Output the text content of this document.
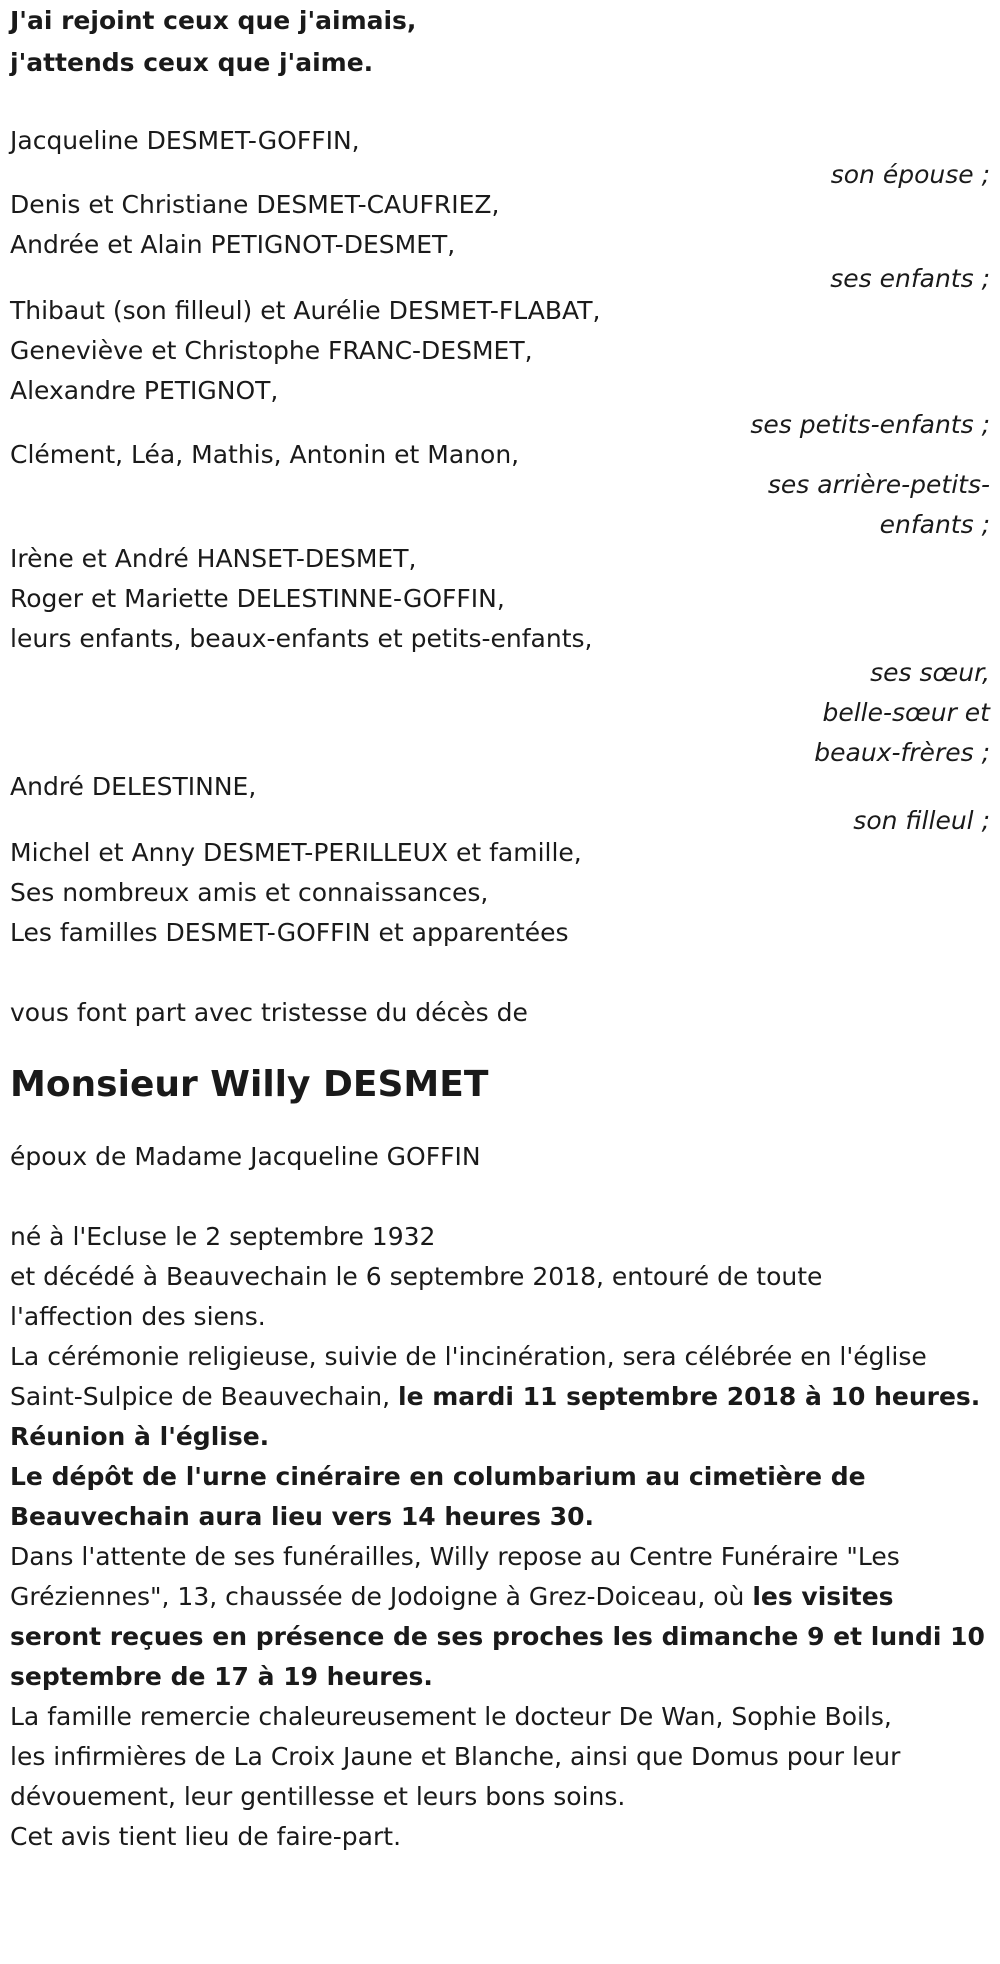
J'ai rejoint ceux que j'aimais,
j'attends ceux que j'aime.
Jacqueline DESMET-GOFFIN,
son épouse ;
Denis et Christiane DESMET-CAUFRIEZ,
Andrée et Alain PETIGNOT-DESMET,
ses enfants ;
Thibaut (son filleul) et Aurélie DESMET-FLABAT,
Geneviève et Christophe FRANC-DESMET,
Alexandre PETIGNOT,
ses petits-enfants ;
Clément, Léa, Mathis, Antonin et Manon,
ses arrière-petits-
enfants ;
Irène et André HANSET-DESMET,
Roger et Mariette DELESTINNE-GOFFIN,
leurs enfants, beaux-enfants et petits-enfants,
ses sœur,
belle-sœur et
beaux-frères ;
André DELESTINNE,
son filleul ;
Michel et Anny DESMET-PERILLEUX et famille,
Ses nombreux amis et connaissances,
Les familles DESMET-GOFFIN et apparentées

vous font part avec tristesse du décès de

Monsieur Willy DESMET

époux de Madame Jacqueline GOFFIN

né à l'Ecluse le 2 septembre 1932

et décédé à Beauvechain le 6 septembre 2018, entouré de toute
l'affection des siens.
La cérémonie religieuse, suivie de l'incinération, sera célébrée en l'église
Saint-Sulpice de Beauvechain, le mardi 11 septembre 2018 à 10 heures.

Réunion à l'église.

Le dépôt de l'urne cinéraire en columbarium au cimetière de
Beauvechain aura lieu vers 14 heures 30.
Dans l'attente de ses funérailles, Willy repose au Centre Funéraire "Les
Gréziennes", 13, chaussée de Jodoigne à Grez-Doiceau, où les visites
seront reçues en présence de ses proches les dimanche 9 et lundi 10
septembre de 17 à 19 heures.
La famille remercie chaleureusement le docteur De Wan, Sophie Boils,
les infirmières de La Croix Jaune et Blanche, ainsi que Domus pour leur
dévouement, leur gentillesse et leurs bons soins.

Cet avis tient lieu de faire-part.
